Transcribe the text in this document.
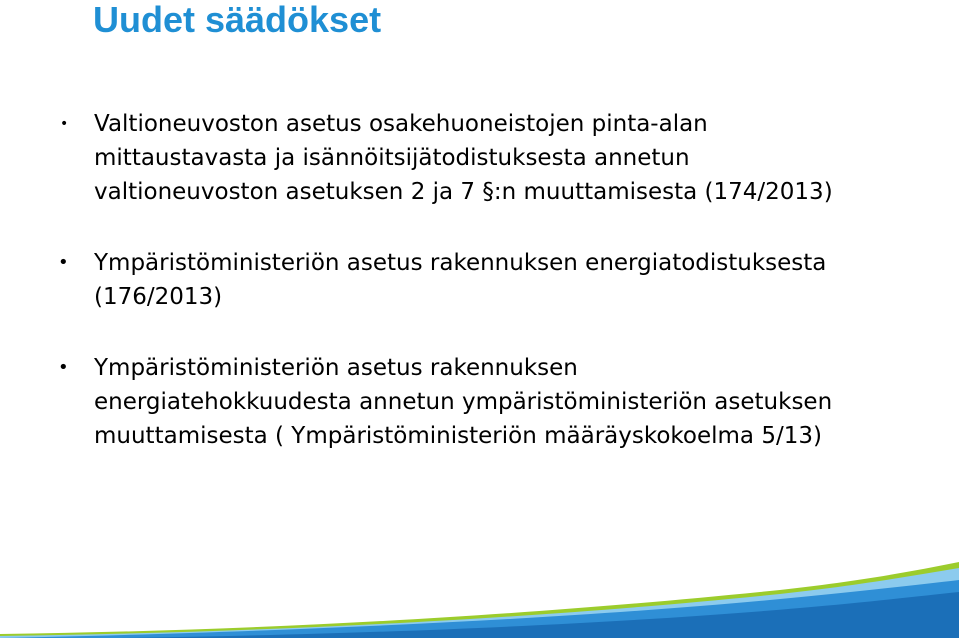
Uudet säädökset
• Valtioneuvoston asetus osakehuoneistojen pinta-alan

mittaustavasta ja isännöitsijätodistuksesta annetun

valtioneuvoston asetuksen 2 ja 7 §:n muuttamisesta (174/2013)

• Ympäristöministeriön asetus rakennuksen energiatodistuksesta

(176/2013)

• Ympäristöministeriön asetus rakennuksen

energiatehokkuudesta annetun ympäristöministeriön asetuksen

muuttamisesta ( Ympäristöministeriön määräyskokoelma 5/13)

19.4.2012
